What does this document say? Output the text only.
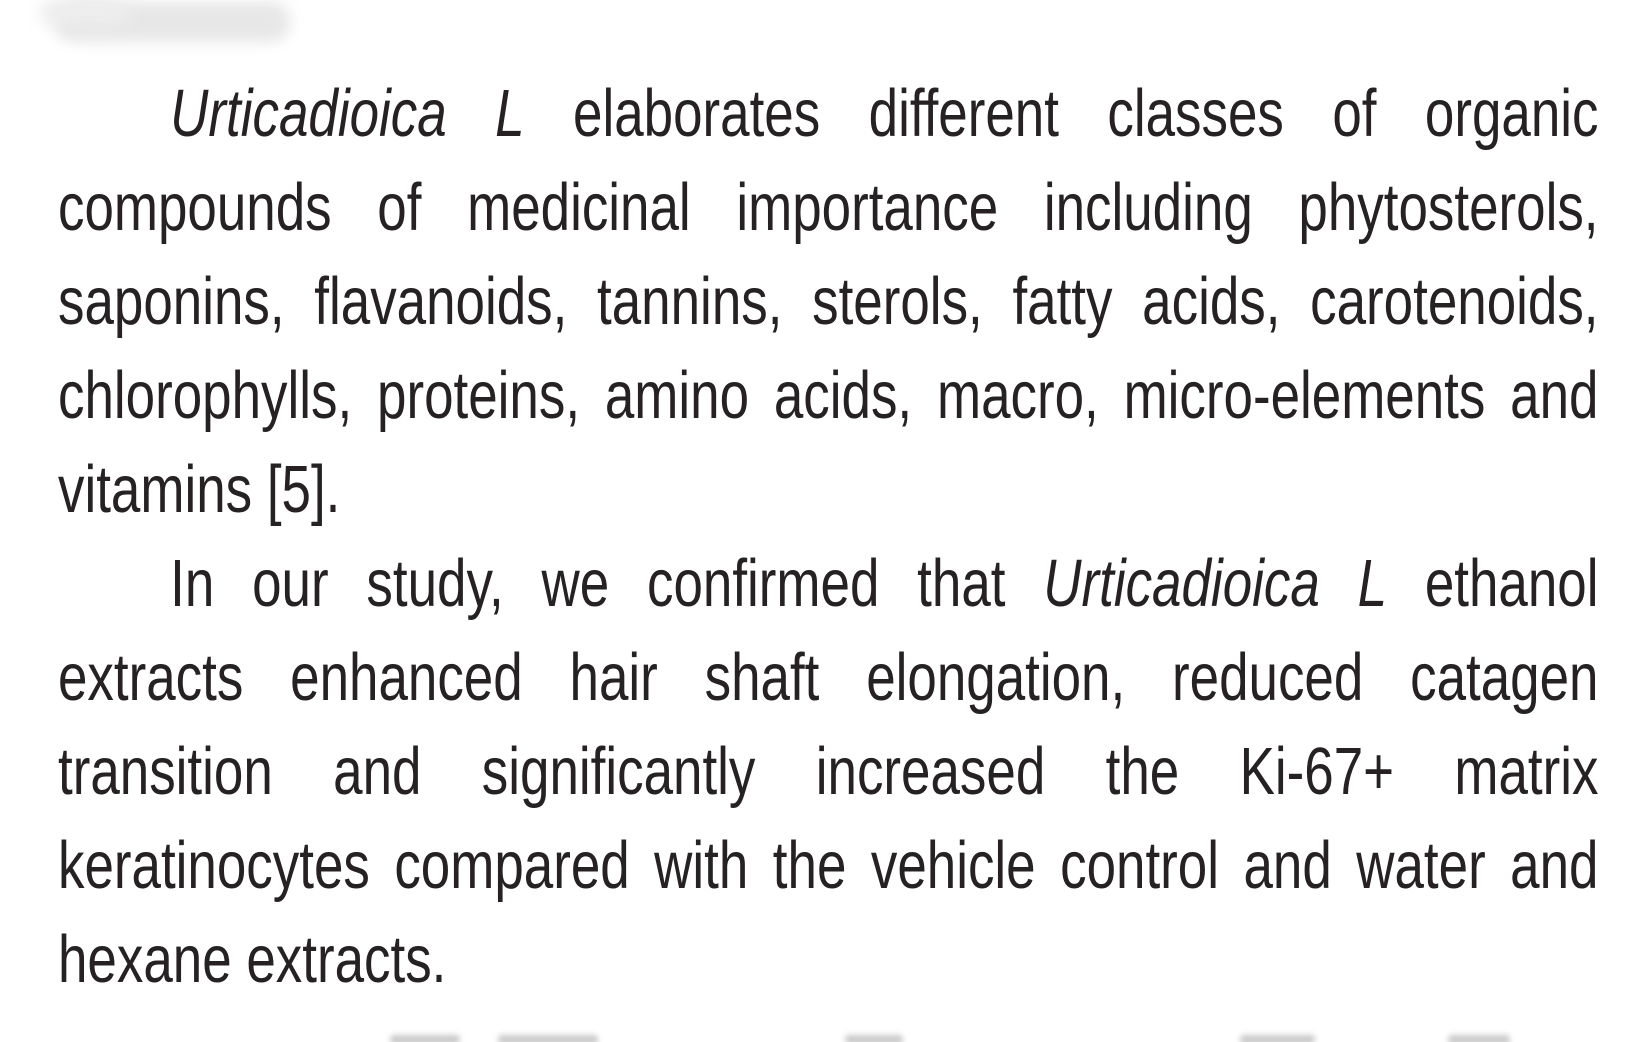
Urticadioica L elaborates different classes of organic
compounds of medicinal importance including phytosterols,
saponins, flavanoids, tannins, sterols, fatty acids, carotenoids,
chlorophylls, proteins, amino acids, macro, micro-elements and
vitamins [5].
In our study, we confirmed that Urticadioica L ethanol
extracts enhanced hair shaft elongation, reduced catagen
transition and significantly increased the Ki-67+ matrix
keratinocytes compared with the vehicle control and water and
hexane extracts.
